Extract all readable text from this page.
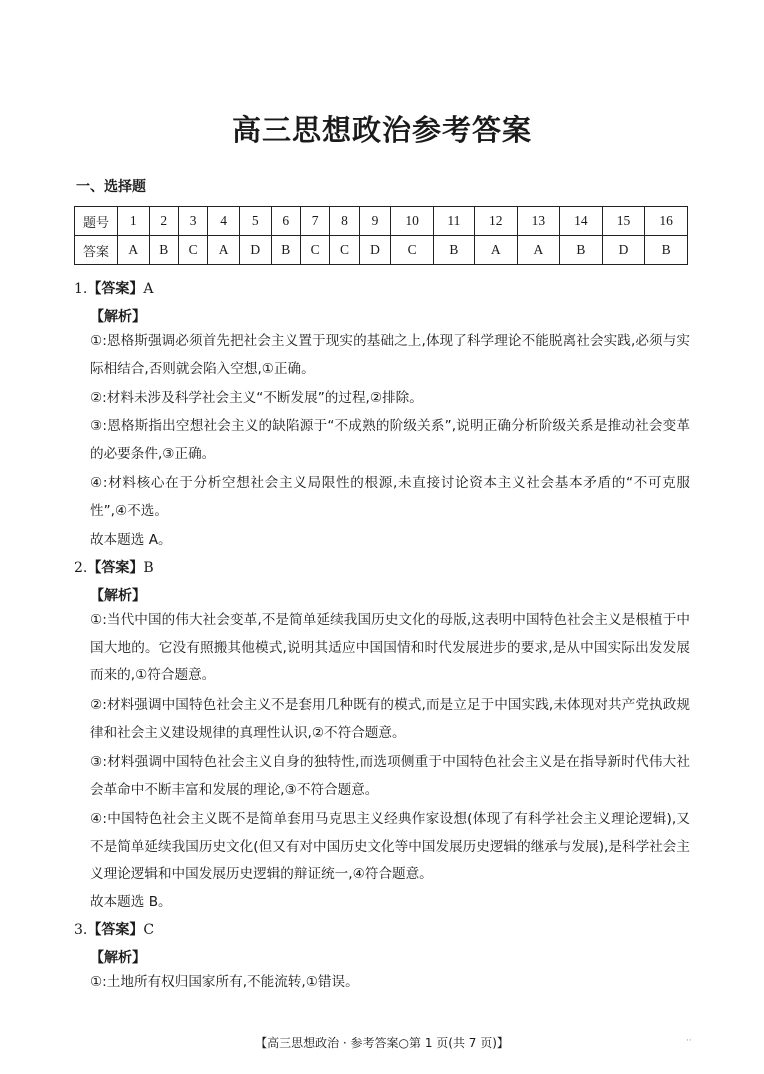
高三思想政治参考答案
一、选择题
题号	1	2	3	4	5	6	7	8	9	10	11	12	13	14	15	16
答案	A	B	C	A	D	B	C	C	D	C	B	A	A	B	D	B
1.【答案】A
【解析】
①:恩格斯强调必须首先把社会主义置于现实的基础之上,体现了科学理论不能脱离社会实践,必须与实际相结合,否则就会陷入空想,①正确。
②:材料未涉及科学社会主义“不断发展”的过程,②排除。
③:恩格斯指出空想社会主义的缺陷源于“不成熟的阶级关系”,说明正确分析阶级关系是推动社会变革的必要条件,③正确。
④:材料核心在于分析空想社会主义局限性的根源,未直接讨论资本主义社会基本矛盾的“不可克服性”,④不选。
故本题选 A。
2.【答案】B
【解析】
①:当代中国的伟大社会变革,不是简单延续我国历史文化的母版,这表明中国特色社会主义是根植于中国大地的。它没有照搬其他模式,说明其适应中国国情和时代发展进步的要求,是从中国实际出发发展而来的,①符合题意。
②:材料强调中国特色社会主义不是套用几种既有的模式,而是立足于中国实践,未体现对共产党执政规律和社会主义建设规律的真理性认识,②不符合题意。
③:材料强调中国特色社会主义自身的独特性,而选项侧重于中国特色社会主义是在指导新时代伟大社会革命中不断丰富和发展的理论,③不符合题意。
④:中国特色社会主义既不是简单套用马克思主义经典作家设想(体现了有科学社会主义理论逻辑),又不是简单延续我国历史文化(但又有对中国历史文化等中国发展历史逻辑的继承与发展),是科学社会主义理论逻辑和中国发展历史逻辑的辩证统一,④符合题意。
故本题选 B。
3.【答案】C
【解析】
①:土地所有权归国家所有,不能流转,①错误。
【高三思想政治 · 参考答案○第 1 页(共 7 页)】	··
